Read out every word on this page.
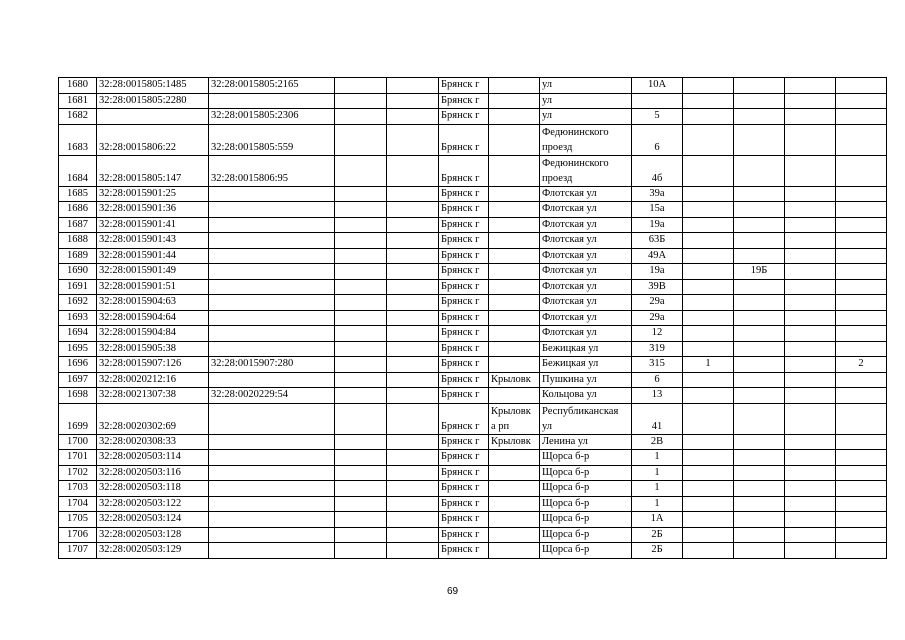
1680	32:28:0015805:1485	32:28:0015805:2165			Брянск г		ул	10А				
1681	32:28:0015805:2280				Брянск г		ул					
1682		32:28:0015805:2306			Брянск г		ул	5				
1683	32:28:0015806:22	32:28:0015805:559			Брянск г		Федюнинского проезд	6				
1684	32:28:0015805:147	32:28:0015806:95			Брянск г		Федюнинского проезд	4б				
1685	32:28:0015901:25				Брянск г		Флотская ул	39а				
1686	32:28:0015901:36				Брянск г		Флотская ул	15а				
1687	32:28:0015901:41				Брянск г		Флотская ул	19а				
1688	32:28:0015901:43				Брянск г		Флотская ул	63Б				
1689	32:28:0015901:44				Брянск г		Флотская ул	49А				
1690	32:28:0015901:49				Брянск г		Флотская ул	19а		19Б		
1691	32:28:0015901:51				Брянск г		Флотская ул	39В				
1692	32:28:0015904:63				Брянск г		Флотская ул	29а				
1693	32:28:0015904:64				Брянск г		Флотская ул	29а				
1694	32:28:0015904:84				Брянск г		Флотская ул	12				
1695	32:28:0015905:38				Брянск г		Бежицкая ул	319				
1696	32:28:0015907:126	32:28:0015907:280			Брянск г		Бежицкая ул	315	1			2
1697	32:28:0020212:16				Брянск г	Крыловк	Пушкина ул	6				
1698	32:28:0021307:38	32:28:0020229:54			Брянск г		Кольцова ул	13				
1699	32:28:0020302:69				Брянск г	Крыловк а рп	Республиканская ул	41				
1700	32:28:0020308:33				Брянск г	Крыловк	Ленина ул	2В				
1701	32:28:0020503:114				Брянск г		Щорса б-р	1				
1702	32:28:0020503:116				Брянск г		Щорса б-р	1				
1703	32:28:0020503:118				Брянск г		Щорса б-р	1				
1704	32:28:0020503:122				Брянск г		Щорса б-р	1				
1705	32:28:0020503:124				Брянск г		Щорса б-р	1А				
1706	32:28:0020503:128				Брянск г		Щорса б-р	2Б				
1707	32:28:0020503:129				Брянск г		Щорса б-р	2Б				
69
